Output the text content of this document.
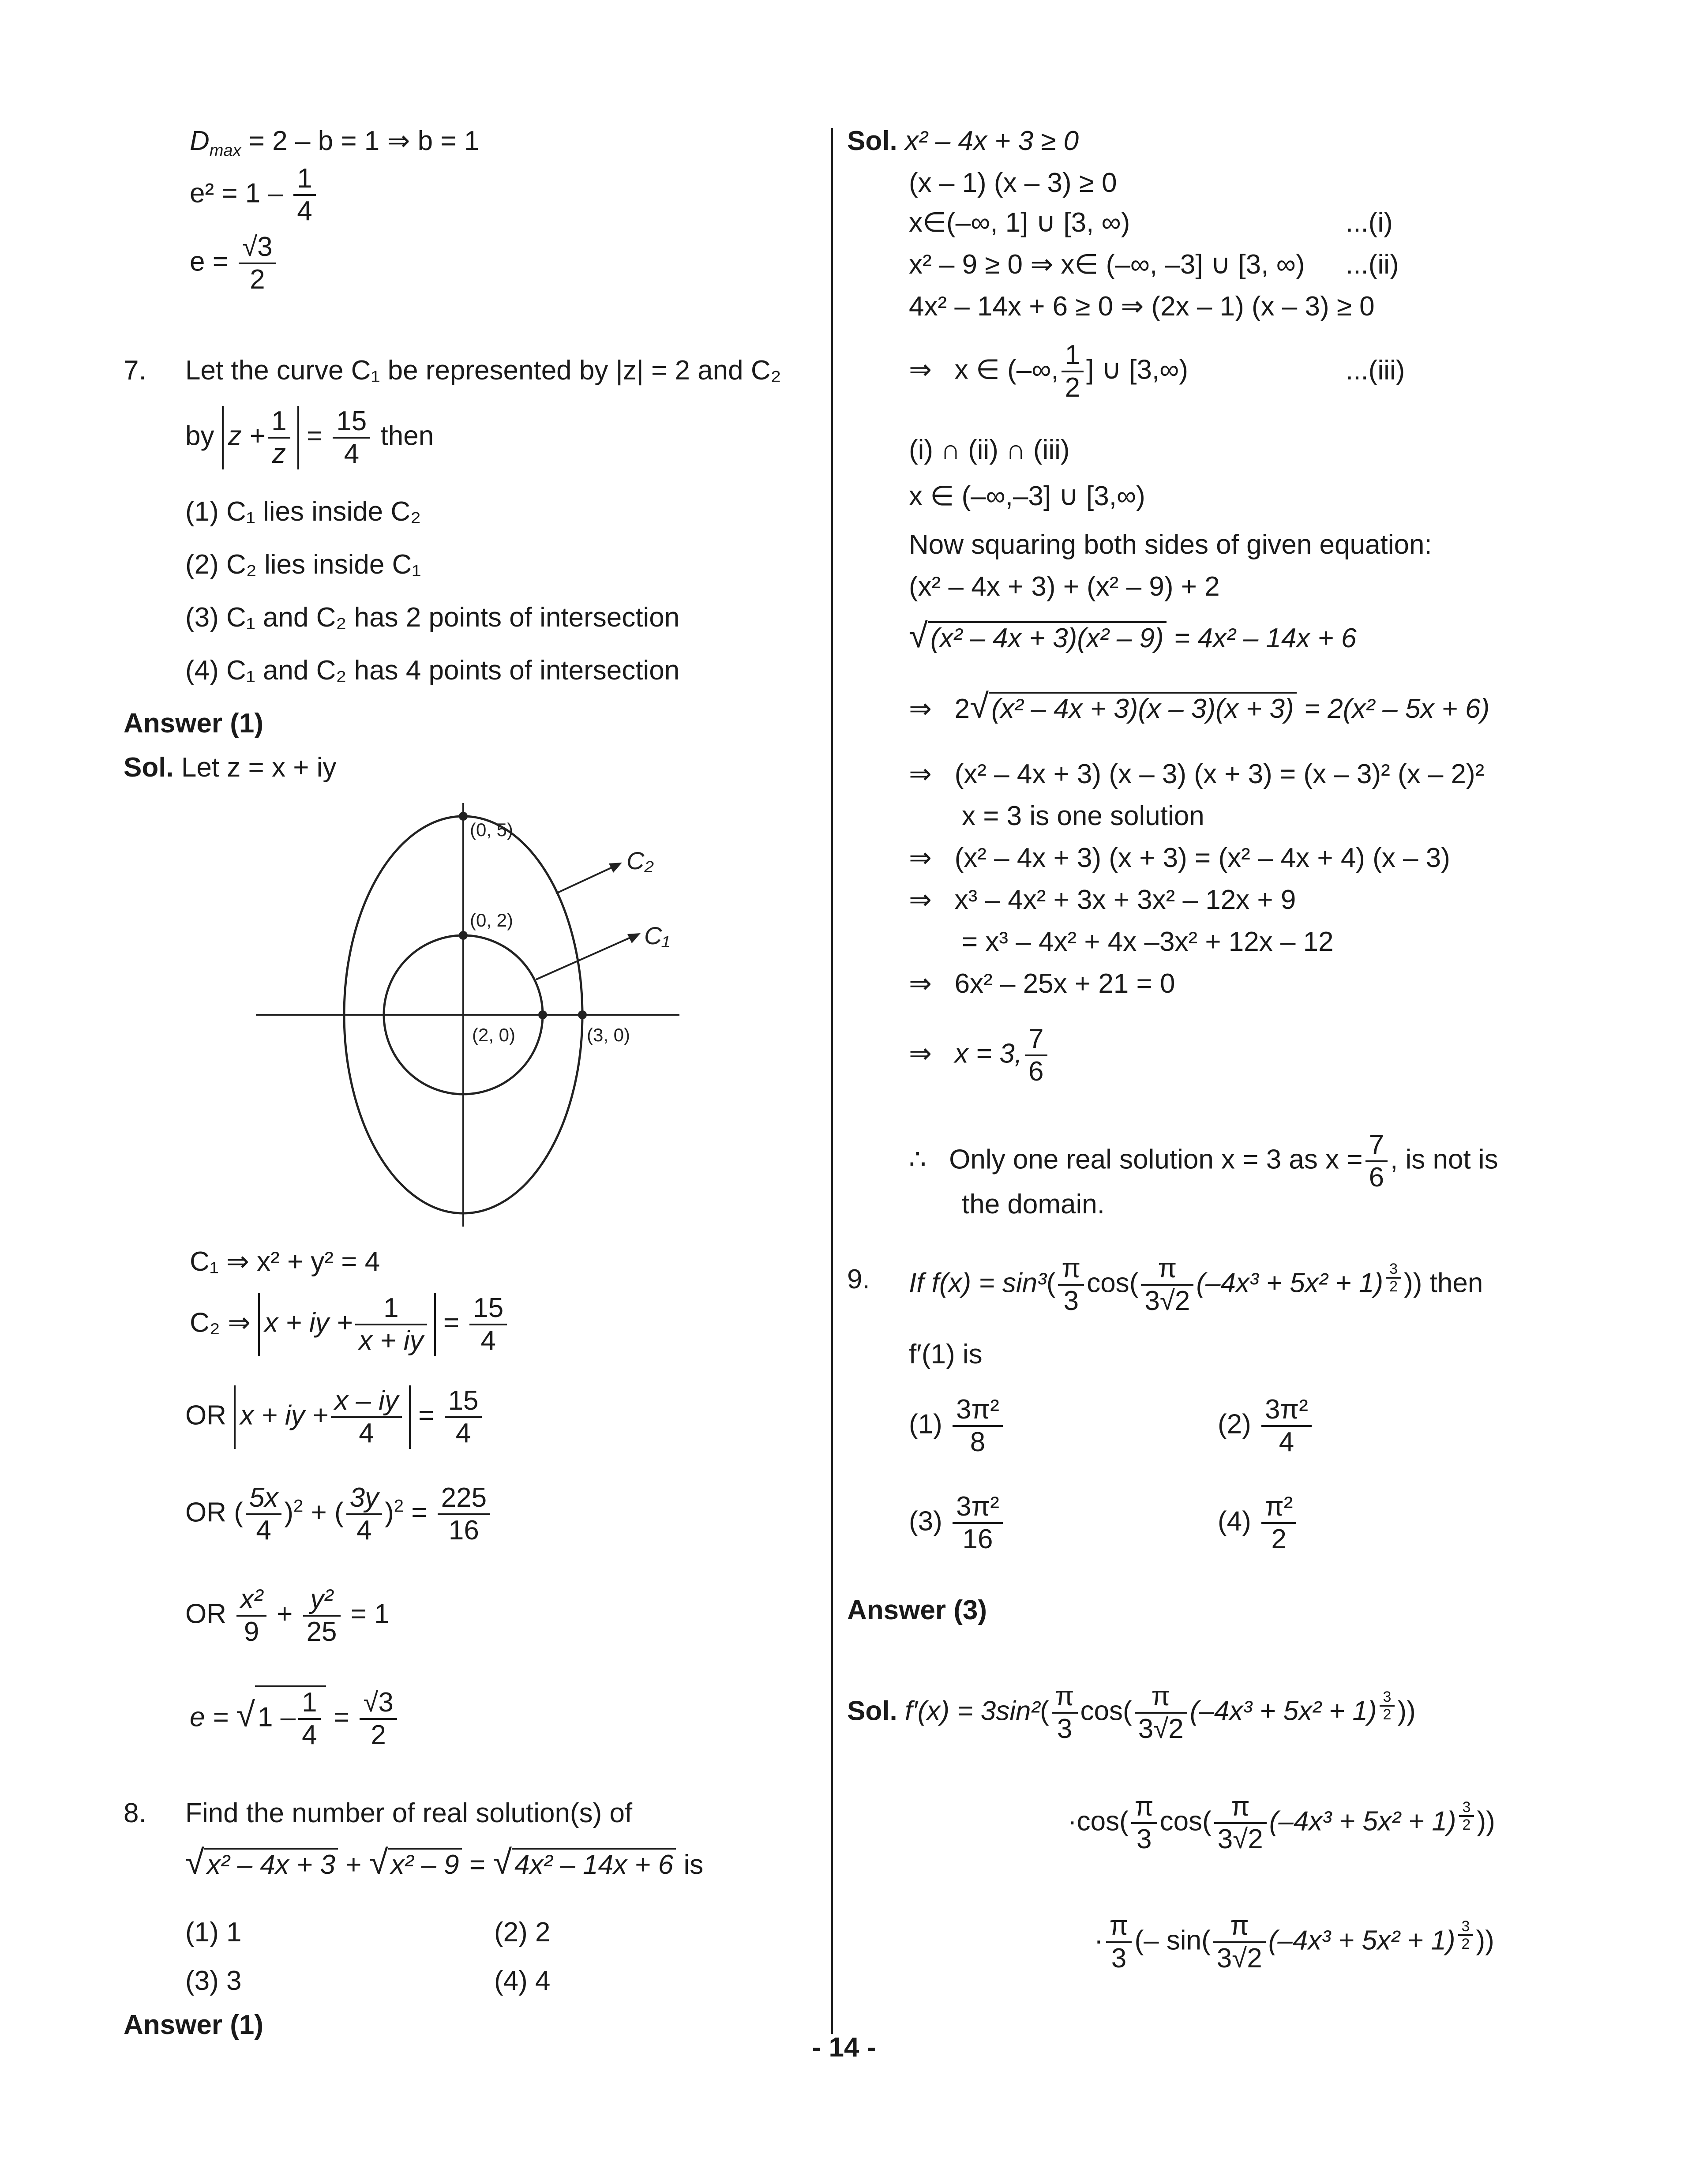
$D_{max} = 2 - b = 1$ ⇒ b = 1
$e^2 = 1 - \frac{1}{4}$
$e = \frac{√3}{2}$
7. Let the curve C₁ be represented by |z| = 2 and C₂
by $z + \frac{1}{z} = \frac{15}{4}$ then
(1) C₁ lies inside C₂
(2) C₂ lies inside C₁
(3) C₁ and C₂ has 2 points of intersection
(4) C₁ and C₂ has 4 points of intersection
Answer (1)
Sol. Let z = x + iy
C₁ ⇒ x² + y² = 4
C₂ ⇒ x + iy + $\frac{1}{x + iy} = \frac{15}{4}$
OR x + iy + $\frac{x - iy}{4} = \frac{15}{4}$
OR ( $\frac{5x}{4} )^2$ + ( $\frac{3y}{4} )^2 = \frac{225}{16}$
OR $\frac{\text{x²}}{9} + \frac{\text{y²}}{25} = 1$
$e = √1 - \frac{1}{4} = \frac{√3}{2}$
8. Find the number of real solution(s) of
√x² – 4x + 3 + √x² – 9 = √4x² – 14x + 6 is
(1) 1	(2) 2
(3) 3	(4) 4
Answer (1)
(0, 5)
(0, 2)
(2, 0)	(3, 0)
C₂
C₁
Sol. x² – 4x + 3 ≥ 0
(x – 1) (x – 3) ≥ 0
x∈(–∞, 1] ∪ [3, ∞)	...(i)
x² – 9 ≥ 0 ⇒ x∈ (–∞, –3] ∪ [3, ∞) ...(ii)
4x² – 14x + 6 ≥ 0 ⇒ (2x – 1) (x – 3) ≥ 0
⇒ x ∈ (–∞, $\frac{1}{2}$ ] ∪ [3,∞)	...(iii)
(i) ∩ (ii) ∩ (iii)
x ∈ (–∞,–3] ∪ [3,∞)
Now squaring both sides of given equation:
(x² – 4x + 3) + (x² – 9) + 2
√(x² – 4x + 3)(x² – 9) = 4x² – 14x + 6
⇒ 2√(x² – 4x + 3)(x – 3)(x + 3) = 2(x² – 5x + 6)
⇒ (x² – 4x + 3) (x – 3) (x + 3) = (x – 3)² (x – 2)²
x = 3 is one solution
⇒ (x² – 4x + 3) (x + 3) = (x² – 4x + 4) (x – 3)
⇒ x³ – 4x² + 3x + 3x² – 12x + 9
= x³ – 4x² + 4x –3x² + 12x – 12
⇒ 6x² – 25x + 21 = 0
⇒ x = 3, $\frac{7}{6}$
∴ Only one real solution x = 3 as $x = \frac{7}{6}$ , is not is
the domain.
9. If $f(x) = \sin^3( \frac{\pi}{3} \cos( \frac{\pi}{3√2} (-4x^3 + 5x^2 + 1)$ $^{\frac{3}{2}}$ )) then
f′(1) is
$(1) \frac{\text{3π²}}{8}$	$(2) \frac{\text{3π²}}{4}$
$(3) \frac{\text{3π²}}{16}$	$(4) \frac{\text{π²}}{2}$
Answer (3)
Sol. $f'(x) = 3\sin^2( \frac{\pi}{3} \cos( \frac{\pi}{3√2} (-4x^3 + 5x^2 + 1)$ $^{\frac{3}{2}}$ ))
$\cdot\cos( \frac{\pi}{3} \cos( \frac{\pi}{3√2} (-4x^3 + 5x^2 + 1)$ $^{\frac{3}{2}}$ ))
· $\frac{\pi}{3}$ (– $\sin( \frac{\pi}{3√2} (-4x^3 + 5x^2 + 1)$ $^{\frac{3}{2}}$ ))
- 14 -
